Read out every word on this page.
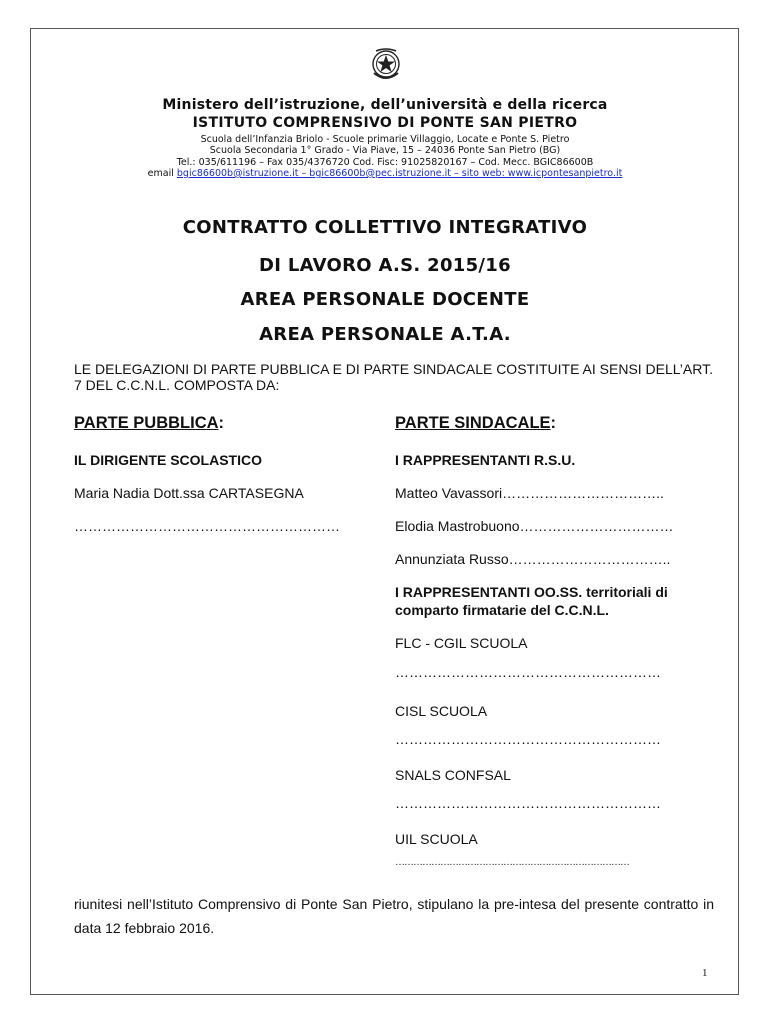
Ministero dell’istruzione, dell’università e della ricerca
ISTITUTO COMPRENSIVO DI PONTE SAN PIETRO
Scuola dell’Infanzia Briolo - Scuole primarie Villaggio, Locate e Ponte S. Pietro
Scuola Secondaria 1° Grado - Via Piave, 15 – 24036 Ponte San Pietro (BG)
Tel.: 035/611196 – Fax 035/4376720 Cod. Fisc: 91025820167 – Cod. Mecc. BGIC86600B
email bgic86600b@istruzione.it – bgic86600b@pec.istruzione.it – sito web: www.icpontesanpietro.it
CONTRATTO COLLETTIVO INTEGRATIVO
DI LAVORO A.S. 2015/16
AREA PERSONALE DOCENTE
AREA PERSONALE A.T.A.
LE DELEGAZIONI DI PARTE PUBBLICA E DI PARTE SINDACALE COSTITUITE AI SENSI DELL’ART. 7 DEL C.C.N.L. COMPOSTA DA:
PARTE PUBBLICA:
IL DIRIGENTE SCOLASTICO
Maria Nadia Dott.ssa CARTASEGNA
…………………………………………………
PARTE SINDACALE:
I RAPPRESENTANTI R.S.U.
Matteo Vavassori……………………………..
Elodia Mastrobuono……………………………
Annunziata Russo……………………………..
I RAPPRESENTANTI OO.SS. territoriali di
comparto firmatarie del C.C.N.L.
FLC - CGIL SCUOLA
…………………………………………………
CISL SCUOLA
…………………………………………………
SNALS CONFSAL
…………………………………………………
UIL SCUOLA
……………………………………………………………………
riunitesi nell’Istituto Comprensivo di Ponte San Pietro, stipulano la pre-intesa del presente contratto in data 12 febbraio 2016.
1
